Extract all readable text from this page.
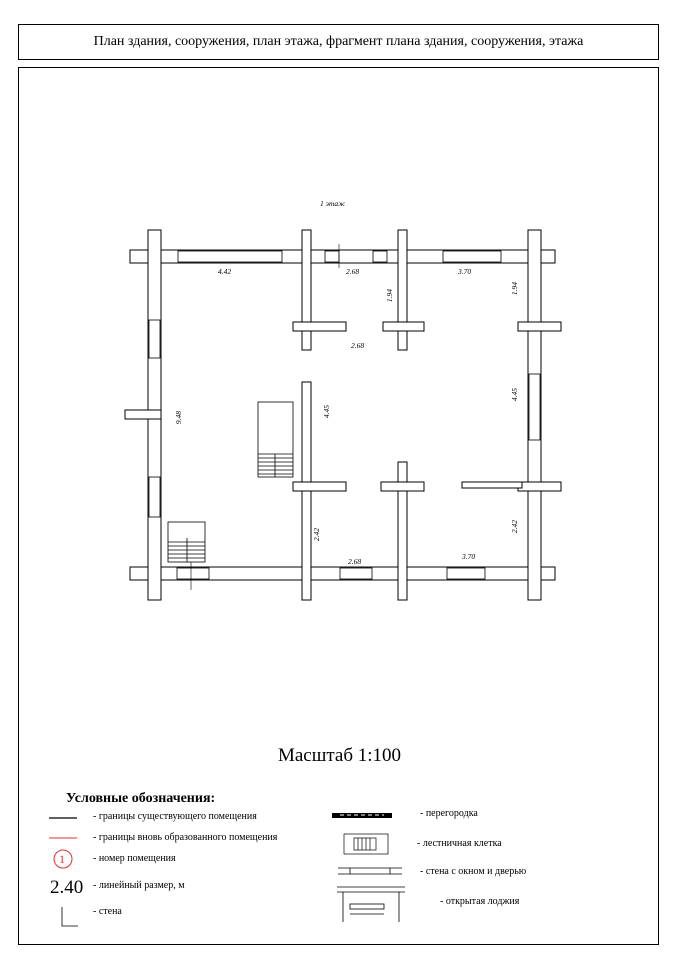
План здания, сооружения, план этажа, фрагмент плана здания, сооружения, этажа
1 этаж
4.42	2.68	3.70
2.68
1.94
1.94
9.48	4.45
4.45
2.42
2.42
2.68
3.70
Масштаб 1:100
Условные обозначения:
- границы существующего помещения
- границы вновь образованного помещения
1	- номер помещения
2.40 - линейный размер, м
- стена
- перегородка
- лестничная клетка
- стена с окном и дверью
- открытая лоджия
